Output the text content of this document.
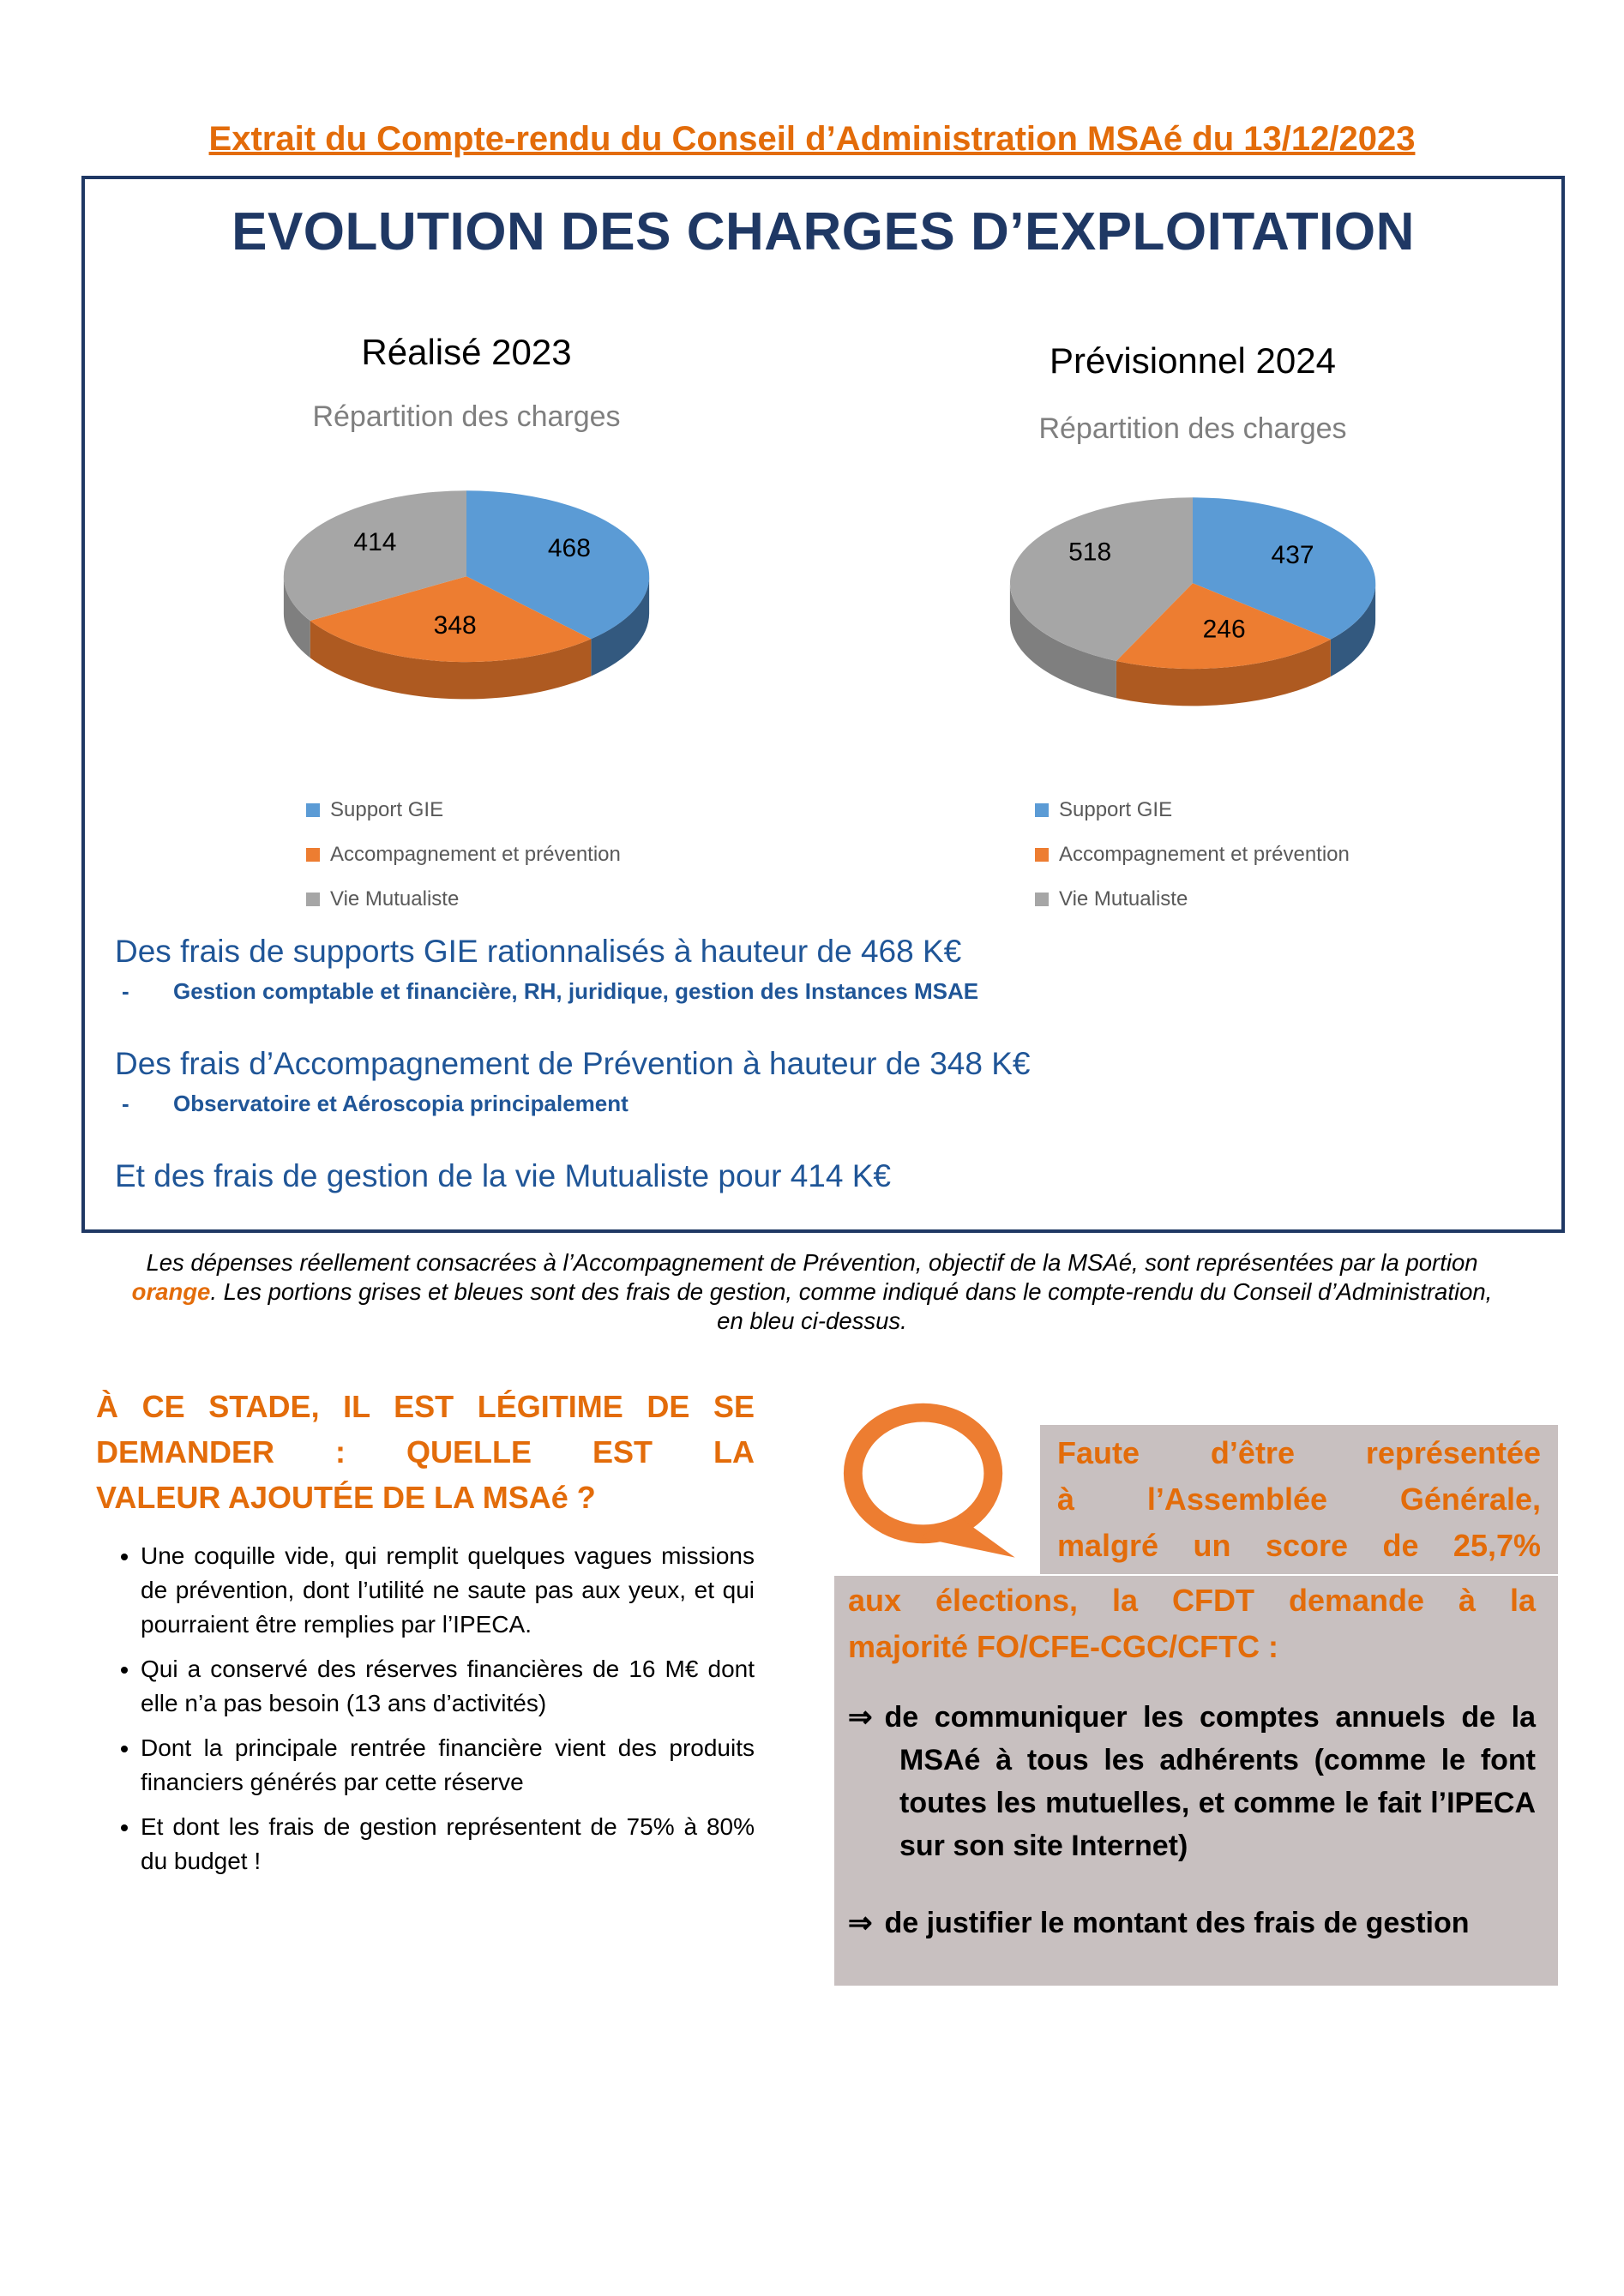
Extrait du Compte-rendu du Conseil d’Administration MSAé du 13/12/2023
EVOLUTION DES CHARGES D’EXPLOITATION
Réalisé 2023	Prévisionnel 2024
Répartition des charges	Répartition des charges
468
348
414	437
246
518
Support GIE
Accompagnement et prévention
Vie Mutualiste
Support GIE
Accompagnement et prévention
Vie Mutualiste
Des frais de supports GIE rationnalisés à hauteur de 468 K€
-	Gestion comptable et financière, RH, juridique, gestion des Instances MSAE
Des frais d’Accompagnement de Prévention à hauteur de 348 K€
-	Observatoire et Aéroscopia principalement
Et des frais de gestion de la vie Mutualiste pour 414 K€
Les dépenses réellement consacrées à l’Accompagnement de Prévention, objectif de la MSAé, sont représentées par la portion orange. Les portions grises et bleues sont des frais de gestion, comme indiqué dans le compte-rendu du Conseil d’Administration, en bleu ci-dessus.
À CE STADE, IL EST LÉGITIME DE SE
DEMANDER : QUELLE EST LA
VALEUR AJOUTÉE DE LA MSAé ?
• Une coquille vide, qui remplit quelques vagues missions de prévention, dont l’utilité ne saute pas aux yeux, et qui pourraient être remplies par l’IPECA.
• Qui a conservé des réserves financières de 16 M€ dont elle n’a pas besoin (13 ans d’activités)
• Dont la principale rentrée financière vient des produits financiers générés par cette réserve
• Et dont les frais de gestion représentent de 75% à 80% du budget !
Faute d’être représentée
à l’Assemblée Générale,
malgré un score de 25,7%
aux élections, la CFDT demande à la
majorité FO/CFE-CGC/CFTC :

⇒ de communiquer les comptes annuels de la MSAé à tous les adhérents (comme le font toutes les mutuelles, et comme le fait l’IPECA sur son site Internet)

⇒ de justifier le montant des frais de gestion
